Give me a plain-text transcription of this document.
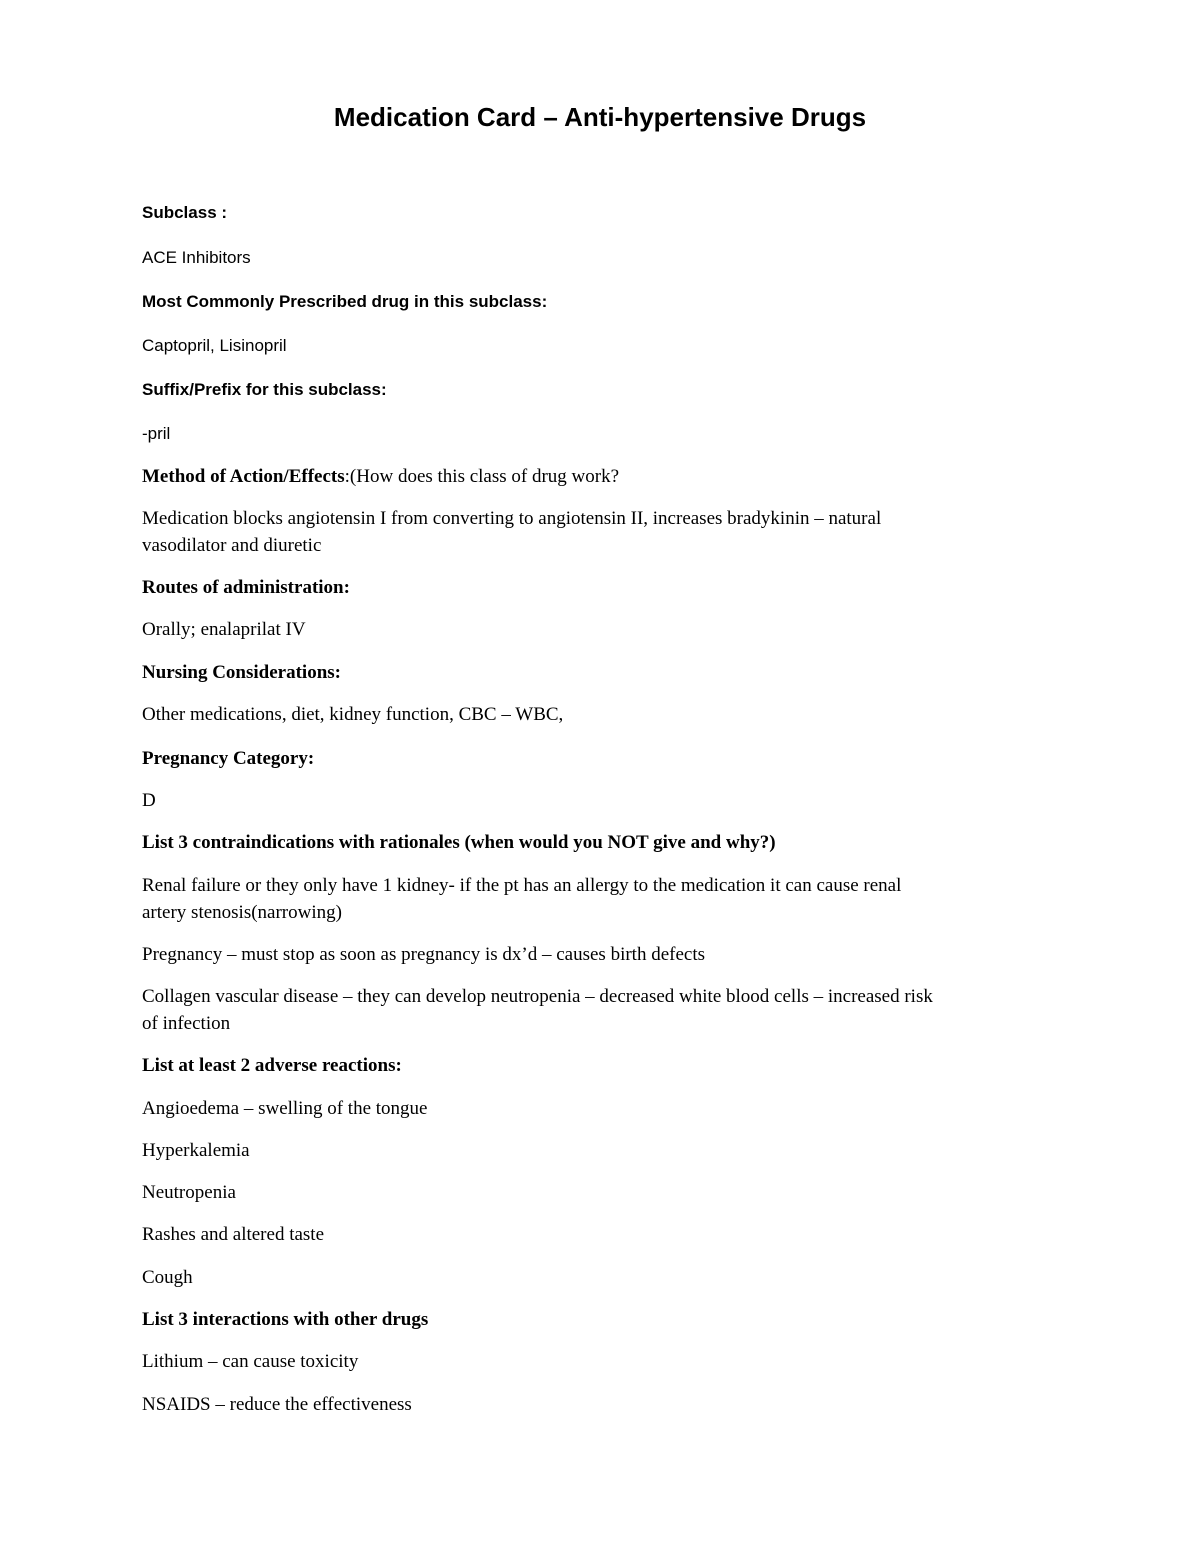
Medication Card – Anti-hypertensive Drugs

Subclass :

ACE Inhibitors

Most Commonly Prescribed drug in this subclass:

Captopril, Lisinopril

Suffix/Prefix for this subclass:

-pril

Method of Action/Effects:(How does this class of drug work?

Medication blocks angiotensin I from converting to angiotensin II, increases bradykinin – natural

vasodilator and diuretic

Routes of administration:

Orally; enalaprilat IV

Nursing Considerations:

Other medications, diet, kidney function, CBC – WBC,

Pregnancy Category:

D

List 3 contraindications with rationales (when would you NOT give and why?)

Renal failure or they only have 1 kidney- if the pt has an allergy to the medication it can cause renal

artery stenosis(narrowing)

Pregnancy – must stop as soon as pregnancy is dx’d – causes birth defects

Collagen vascular disease – they can develop neutropenia – decreased white blood cells – increased risk

of infection

List at least 2 adverse reactions:

Angioedema – swelling of the tongue

Hyperkalemia

Neutropenia

Rashes and altered taste

Cough

List 3 interactions with other drugs

Lithium – can cause toxicity

NSAIDS – reduce the effectiveness
